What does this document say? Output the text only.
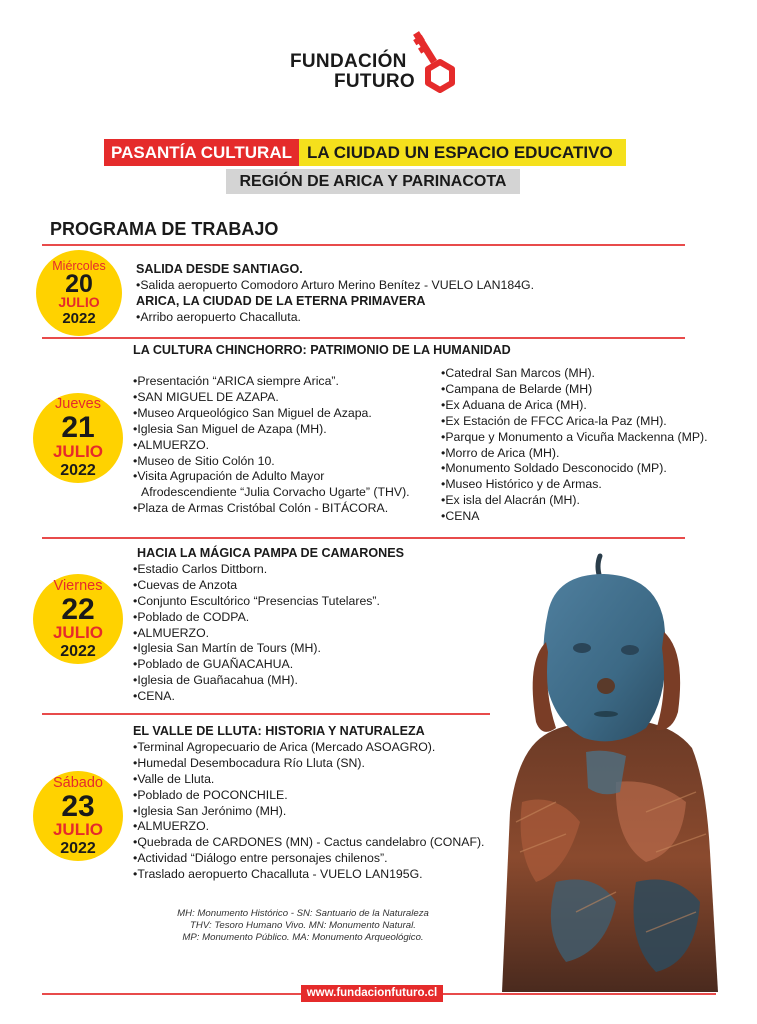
FUNDACIÓN
FUTURO
PASANTÍA CULTURAL LA CIUDAD UN ESPACIO EDUCATIVO
REGIÓN DE ARICA Y PARINACOTA
PROGRAMA DE TRABAJO
Miércoles
20
JULIO
2022
SALIDA DESDE SANTIAGO.
• Salida aeropuerto Comodoro Arturo Merino Benítez - VUELO LAN184G.
ARICA, LA CIUDAD DE LA ETERNA PRIMAVERA
• Arribo aeropuerto Chacalluta.
LA CULTURA CHINCHORRO: PATRIMONIO DE LA HUMANIDAD
Jueves
21
JULIO
2022
• Presentación “ARICA siempre Arica”.
• SAN MIGUEL DE AZAPA.
• Museo Arqueológico San Miguel de Azapa.
• Iglesia San Miguel de Azapa (MH).
• ALMUERZO.
• Museo de Sitio Colón 10.
• Visita Agrupación de Adulto Mayor
Afrodescendiente “Julia Corvacho Ugarte” (THV).
• Plaza de Armas Cristóbal Colón - BITÁCORA.
• Catedral San Marcos (MH).
• Campana de Belarde (MH)
• Ex Aduana de Arica (MH).
• Ex Estación de FFCC Arica-la Paz (MH).
• Parque y Monumento a Vicuña Mackenna (MP).
• Morro de Arica (MH).
• Monumento Soldado Desconocido (MP).
• Museo Histórico y de Armas.
• Ex isla del Alacrán (MH).
• CENA
Viernes
22
JULIO
2022
HACIA LA MÁGICA PAMPA DE CAMARONES
• Estadio Carlos Dittborn.
• Cuevas de Anzota
• Conjunto Escultórico “Presencias Tutelares”.
• Poblado de CODPA.
• ALMUERZO.
• Iglesia San Martín de Tours (MH).
• Poblado de GUAÑACAHUA.
• Iglesia de Guañacahua (MH).
• CENA.
Sábado
23
JULIO
2022
EL VALLE DE LLUTA: HISTORIA Y NATURALEZA
• Terminal Agropecuario de Arica (Mercado ASOAGRO).
• Humedal Desembocadura Río Lluta (SN).
• Valle de Lluta.
• Poblado de POCONCHILE.
• Iglesia San Jerónimo (MH).
• ALMUERZO.
• Quebrada de CARDONES (MN) - Cactus candelabro (CONAF).
• Actividad “Diálogo entre personajes chilenos”.
• Traslado aeropuerto Chacalluta - VUELO LAN195G.
MH: Monumento Histórico - SN: Santuario de la Naturaleza
THV: Tesoro Humano Vivo. MN: Monumento Natural.
MP: Monumento Público. MA: Monumento Arqueológico.
www.fundacionfuturo.cl
